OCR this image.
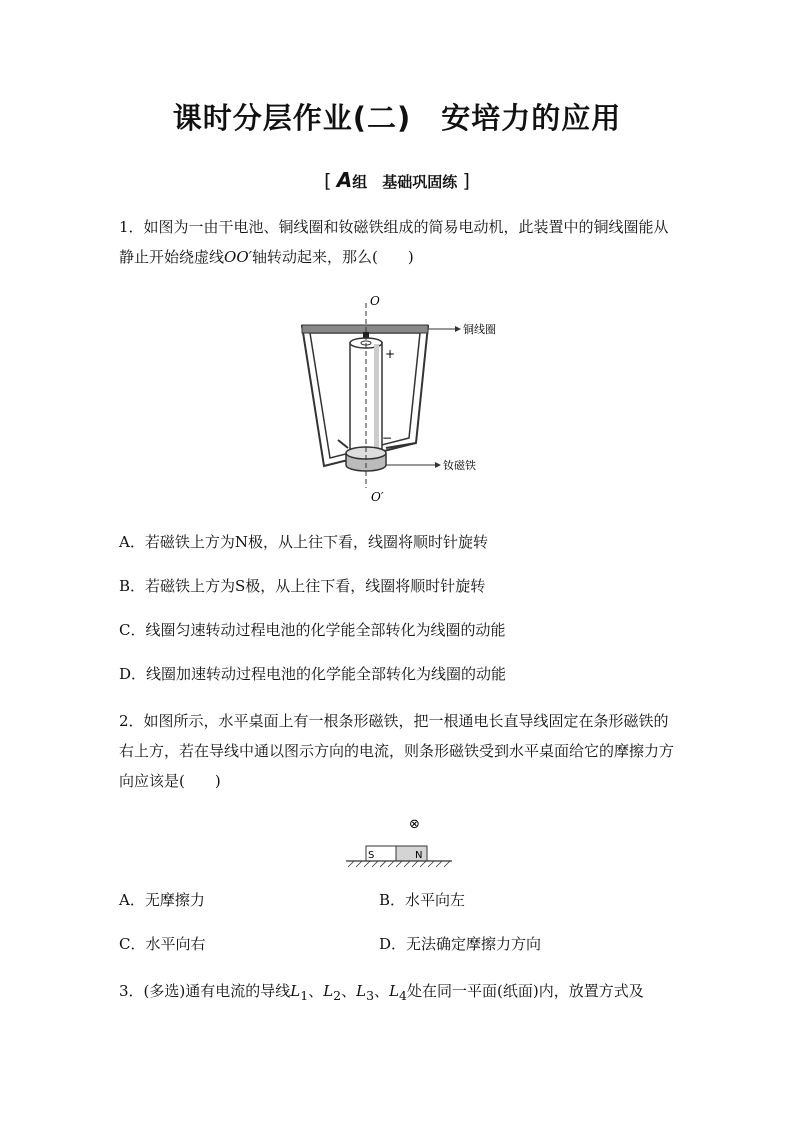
课时分层作业(二) 安培力的应用
[ A组　基础巩固练 ]
1．如图为一由干电池、铜线圈和钕磁铁组成的简易电动机，此装置中的铜线圈能从静止开始绕虚线OO′轴转动起来，那么(　　)
O
O′
铜线圈
钕磁铁
+
−
A．若磁铁上方为N极，从上往下看，线圈将顺时针旋转
B．若磁铁上方为S极，从上往下看，线圈将顺时针旋转
C．线圈匀速转动过程电池的化学能全部转化为线圈的动能
D．线圈加速转动过程电池的化学能全部转化为线圈的动能
2．如图所示，水平桌面上有一根条形磁铁，把一根通电长直导线固定在条形磁铁的右上方，若在导线中通以图示方向的电流，则条形磁铁受到水平桌面给它的摩擦力方向应该是(　　)
⊗
S	N
A．无摩擦力	B．水平向左
C．水平向右	D．无法确定摩擦力方向
3．(多选)通有电流的导线$L_1$、$L_2$、$L_3$、$L_4$处在同一平面(纸面)内，放置方式及
